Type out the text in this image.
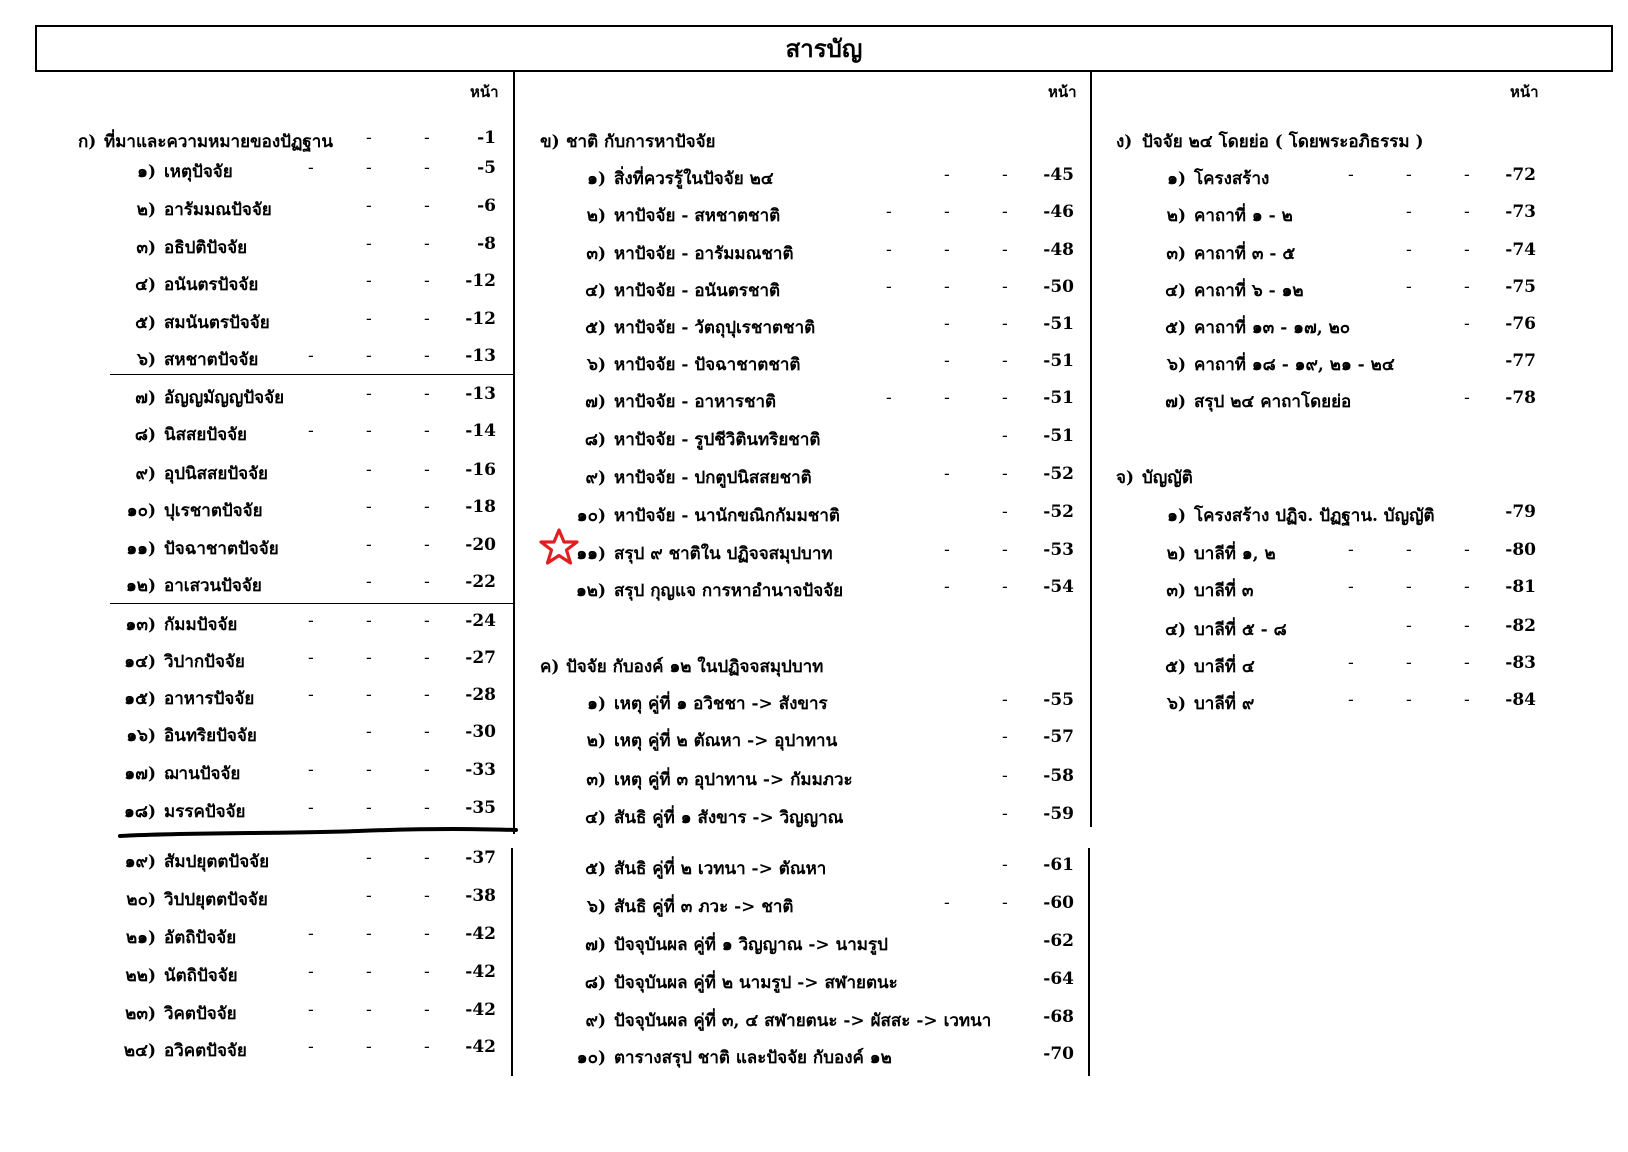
สารบัญ
หน้า	หน้า	หน้า
ก) ที่มาและความหมายของปัฏฐาน -	-	-1
๑) เหตุปัจจัย	-	-	-	-5
๒) อารัมมณปัจจัย	-	-	-6
๓) อธิปติปัจจัย	-	-	-8
๔) อนันตรปัจจัย	-	-	-12
๕) สมนันตรปัจจัย	-	-	-12
๖) สหชาตปัจจัย	-	-	-	-13
๗) อัญญมัญญปัจจัย	-	-	-13
๘) นิสสยปัจจัย	-	-	-	-14
๙) อุปนิสสยปัจจัย	-	-	-16
๑๐) ปุเรชาตปัจจัย	-	-	-18
๑๑) ปัจฉาชาตปัจจัย	-	-	-20
๑๒) อาเสวนปัจจัย	-	-	-22
๑๓) กัมมปัจจัย	-	-	-	-24
๑๔) วิปากปัจจัย	-	-	-	-27
๑๕) อาหารปัจจัย	-	-	-	-28
๑๖) อินทริยปัจจัย	-	-	-30
๑๗) ฌานปัจจัย	-	-	-	-33
๑๘) มรรคปัจจัย	-	-	-	-35
๑๙) สัมปยุตตปัจจัย	-	-	-37
๒๐) วิปปยุตตปัจจัย	-	-	-38
๒๑) อัตถิปัจจัย	-	-	-	-42
๒๒) นัตถิปัจจัย	-	-	-	-42
๒๓) วิคตปัจจัย	-	-	-	-42
๒๔) อวิคตปัจจัย	-	-	-	-42
ข) ชาติ กับการหาปัจจัย
๑) สิ่งที่ควรรู้ในปัจจัย ๒๔	-	-	-45
๒) หาปัจจัย - สหชาตชาติ	-	-	-	-46
๓) หาปัจจัย - อารัมมณชาติ	-	-	-	-48
๔) หาปัจจัย - อนันตรชาติ	-	-	-	-50
๕) หาปัจจัย - วัตถุปุเรชาตชาติ	-	-	-51
๖) หาปัจจัย - ปัจฉาชาตชาติ	-	-	-51
๗) หาปัจจัย - อาหารชาติ	-	-	-	-51
๘) หาปัจจัย - รูปชีวิตินทริยชาติ	-	-51
๙) หาปัจจัย - ปกตูปนิสสยชาติ	-	-	-52
๑๐) หาปัจจัย - นานักขณิกกัมมชาติ	-	-52
๑๑) สรุป ๙ ชาติใน ปฏิจจสมุปบาท	-	-	-53
๑๒) สรุป กุญแจ การหาอำนาจปัจจัย	-	-	-54
ค) ปัจจัย กับองค์ ๑๒ ในปฏิจจสมุปบาท
๑) เหตุ คู่ที่ ๑ อวิชชา -> สังขาร	-	-55
๒) เหตุ คู่ที่ ๒ ตัณหา -> อุปาทาน	-	-57
๓) เหตุ คู่ที่ ๓ อุปาทาน -> กัมมภวะ	-	-58
๔) สันธิ คู่ที่ ๑ สังขาร -> วิญญาณ	-	-59
๕) สันธิ คู่ที่ ๒ เวทนา -> ตัณหา	-	-61
๖) สันธิ คู่ที่ ๓ ภวะ -> ชาติ	-	-	-60
๗) ปัจจุบันผล คู่ที่ ๑ วิญญาณ -> นามรูป	-62
๘) ปัจจุบันผล คู่ที่ ๒ นามรูป -> สฬายตนะ	-64
๙) ปัจจุบันผล คู่ที่ ๓, ๔ สฬายตนะ -> ผัสสะ -> เวทนา	-68
๑๐) ตารางสรุป ชาติ และปัจจัย กับองค์ ๑๒	-70
ง) ปัจจัย ๒๔ โดยย่อ ( โดยพระอภิธรรม )
๑) โครงสร้าง	-	-	-	-72
๒) คาถาที่ ๑ - ๒	-	-	-73
๓) คาถาที่ ๓ - ๕	-	-	-74
๔) คาถาที่ ๖ - ๑๒	-	-	-75
๕) คาถาที่ ๑๓ - ๑๗, ๒๐	-	-76
๖) คาถาที่ ๑๘ - ๑๙, ๒๑ - ๒๔	-77
๗) สรุป ๒๔ คาถาโดยย่อ	-	-78
จ) บัญญัติ
๑) โครงสร้าง ปฏิจ. ปัฏฐาน. บัญญัติ	-79
๒) บาลีที่ ๑, ๒	-	-	-	-80
๓) บาลีที่ ๓	-	-	-	-81
๔) บาลีที่ ๕ - ๘	-	-	-82
๕) บาลีที่ ๔	-	-	-	-83
๖) บาลีที่ ๙	-	-	-	-84
